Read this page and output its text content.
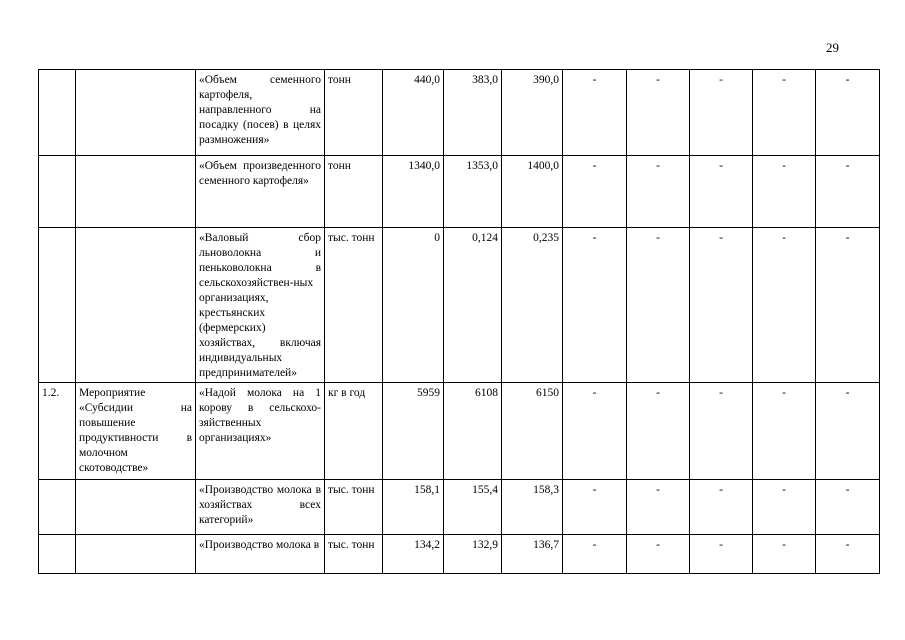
29
		«Объем семенного картофеля, направленного на посадку (посев) в целях размножения»	тонн	440,0	383,0	390,0	-	-	-	-	-
		«Объем произведенного семенного картофеля»	тонн	1340,0	1353,0	1400,0	-	-	-	-	-
		«Валовый сбор льноволокна и пеньковолокна в сельскохозяйствен-ных организациях, крестьянских (фермерских) хозяйствах, включая индивидуальных предпринимателей»	тыс. тонн	0	0,124	0,235	-	-	-	-	-
1.2.	Мероприятие «Субсидии на повышение продуктивности в молочном скотоводстве»	«Надой молока на 1 корову в сельскохо-зяйственных организациях»	кг в год	5959	6108	6150	-	-	-	-	-
		«Производство молока в хозяйствах всех категорий»	тыс. тонн	158,1	155,4	158,3	-	-	-	-	-
		«Производство молока в	тыс. тонн	134,2	132,9	136,7	-	-	-	-	-
